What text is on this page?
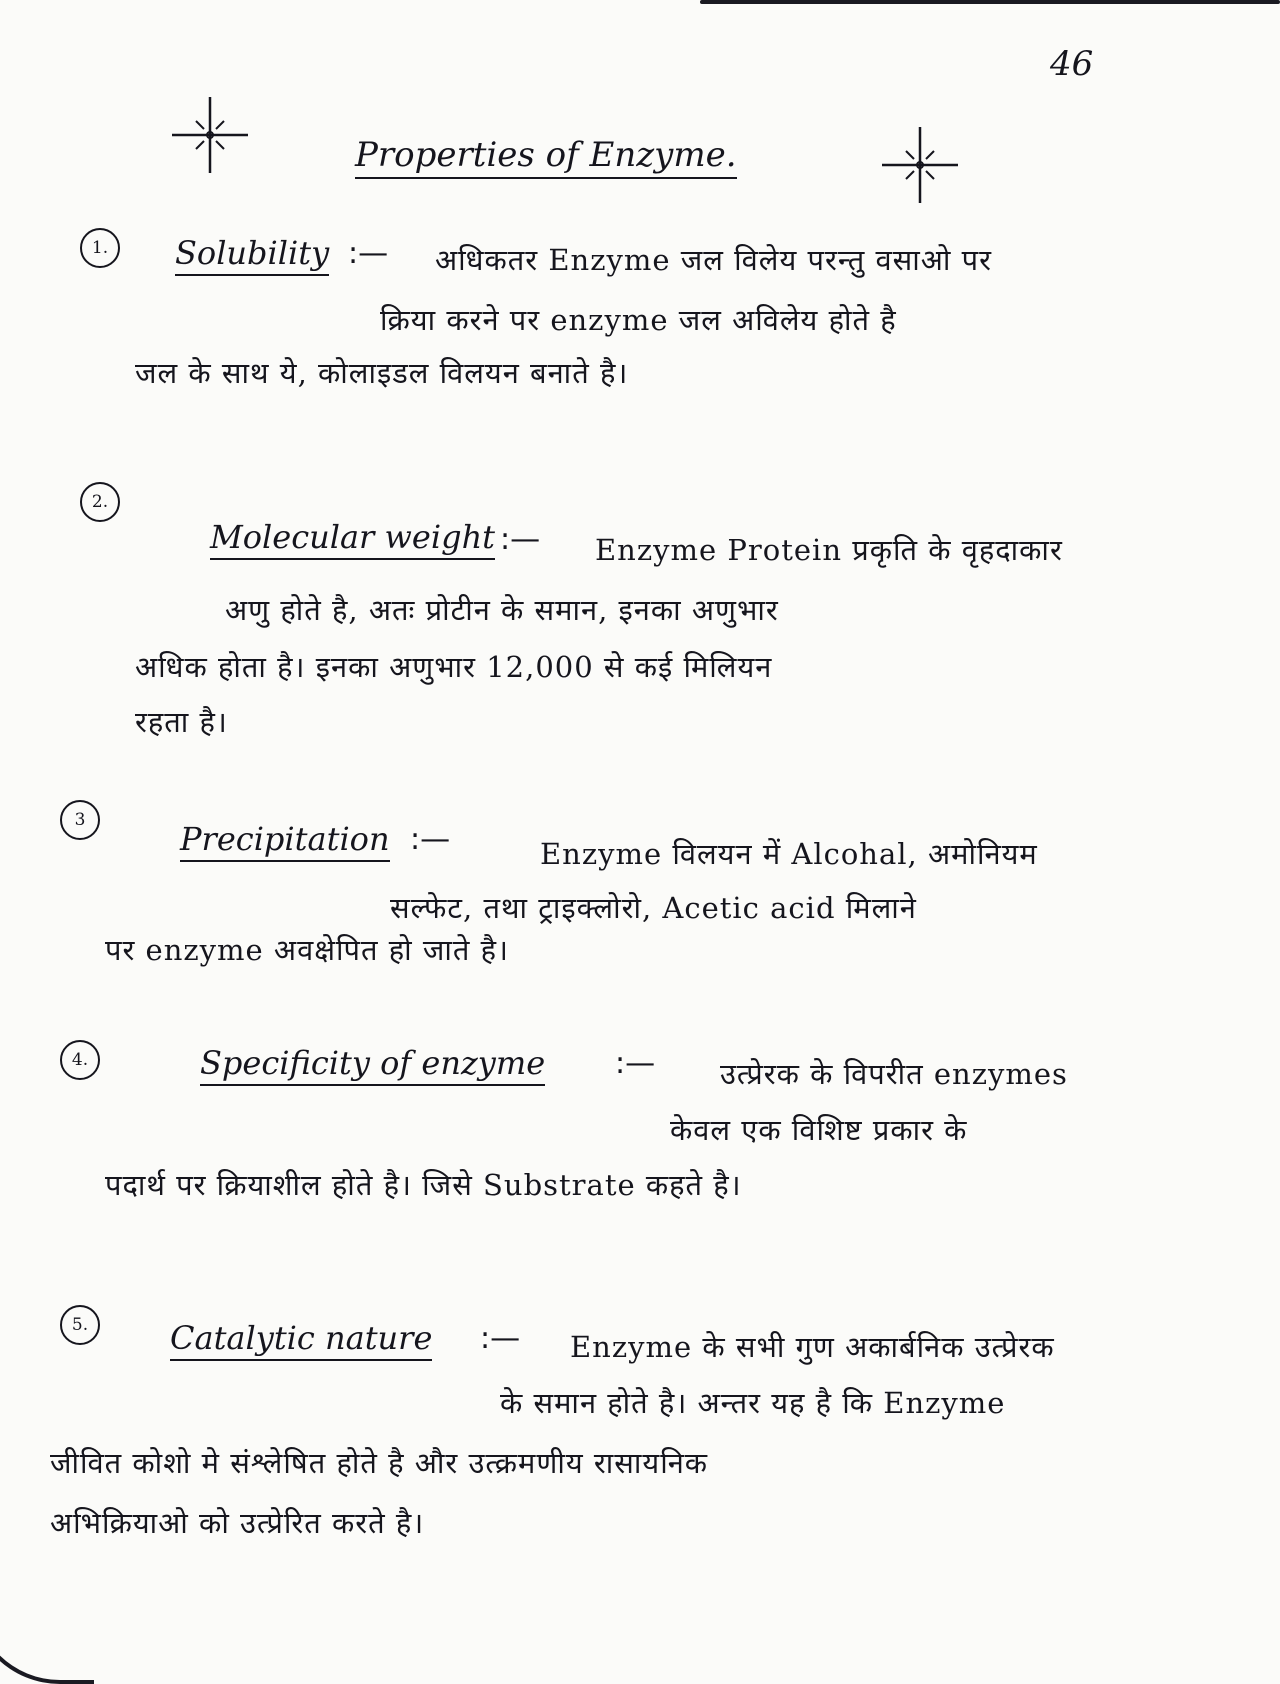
46
Properties of Enzyme.
1.	Solubility :— अधिकतर Enzyme जल विलेय परन्तु वसाओ पर
क्रिया करने पर enzyme जल अविलेय होते है
जल के साथ ये, कोलाइडल विलयन बनाते है।
2.
Molecular weight :— Enzyme Protein प्रकृति के वृहदाकार
अणु होते है, अतः प्रोटीन के समान, इनका अणुभार
अधिक होता है। इनका अणुभार 12,000 से कई मिलियन
रहता है।
3	Precipitation :—	Enzyme विलयन में Alcohal, अमोनियम
सल्फेट, तथा ट्राइक्लोरो, Acetic acid मिलाने
पर enzyme अवक्षेपित हो जाते है।
4.	Specificity of enzyme :— उत्प्रेरक के विपरीत enzymes
केवल एक विशिष्ट प्रकार के
पदार्थ पर क्रियाशील होते है। जिसे Substrate कहते है।
5.	Catalytic nature :— Enzyme के सभी गुण अकार्बनिक उत्प्रेरक
के समान होते है। अन्तर यह है कि Enzyme
जीवित कोशो मे संश्लेषित होते है और उत्क्रमणीय रासायनिक
अभिक्रियाओ को उत्प्रेरित करते है।
